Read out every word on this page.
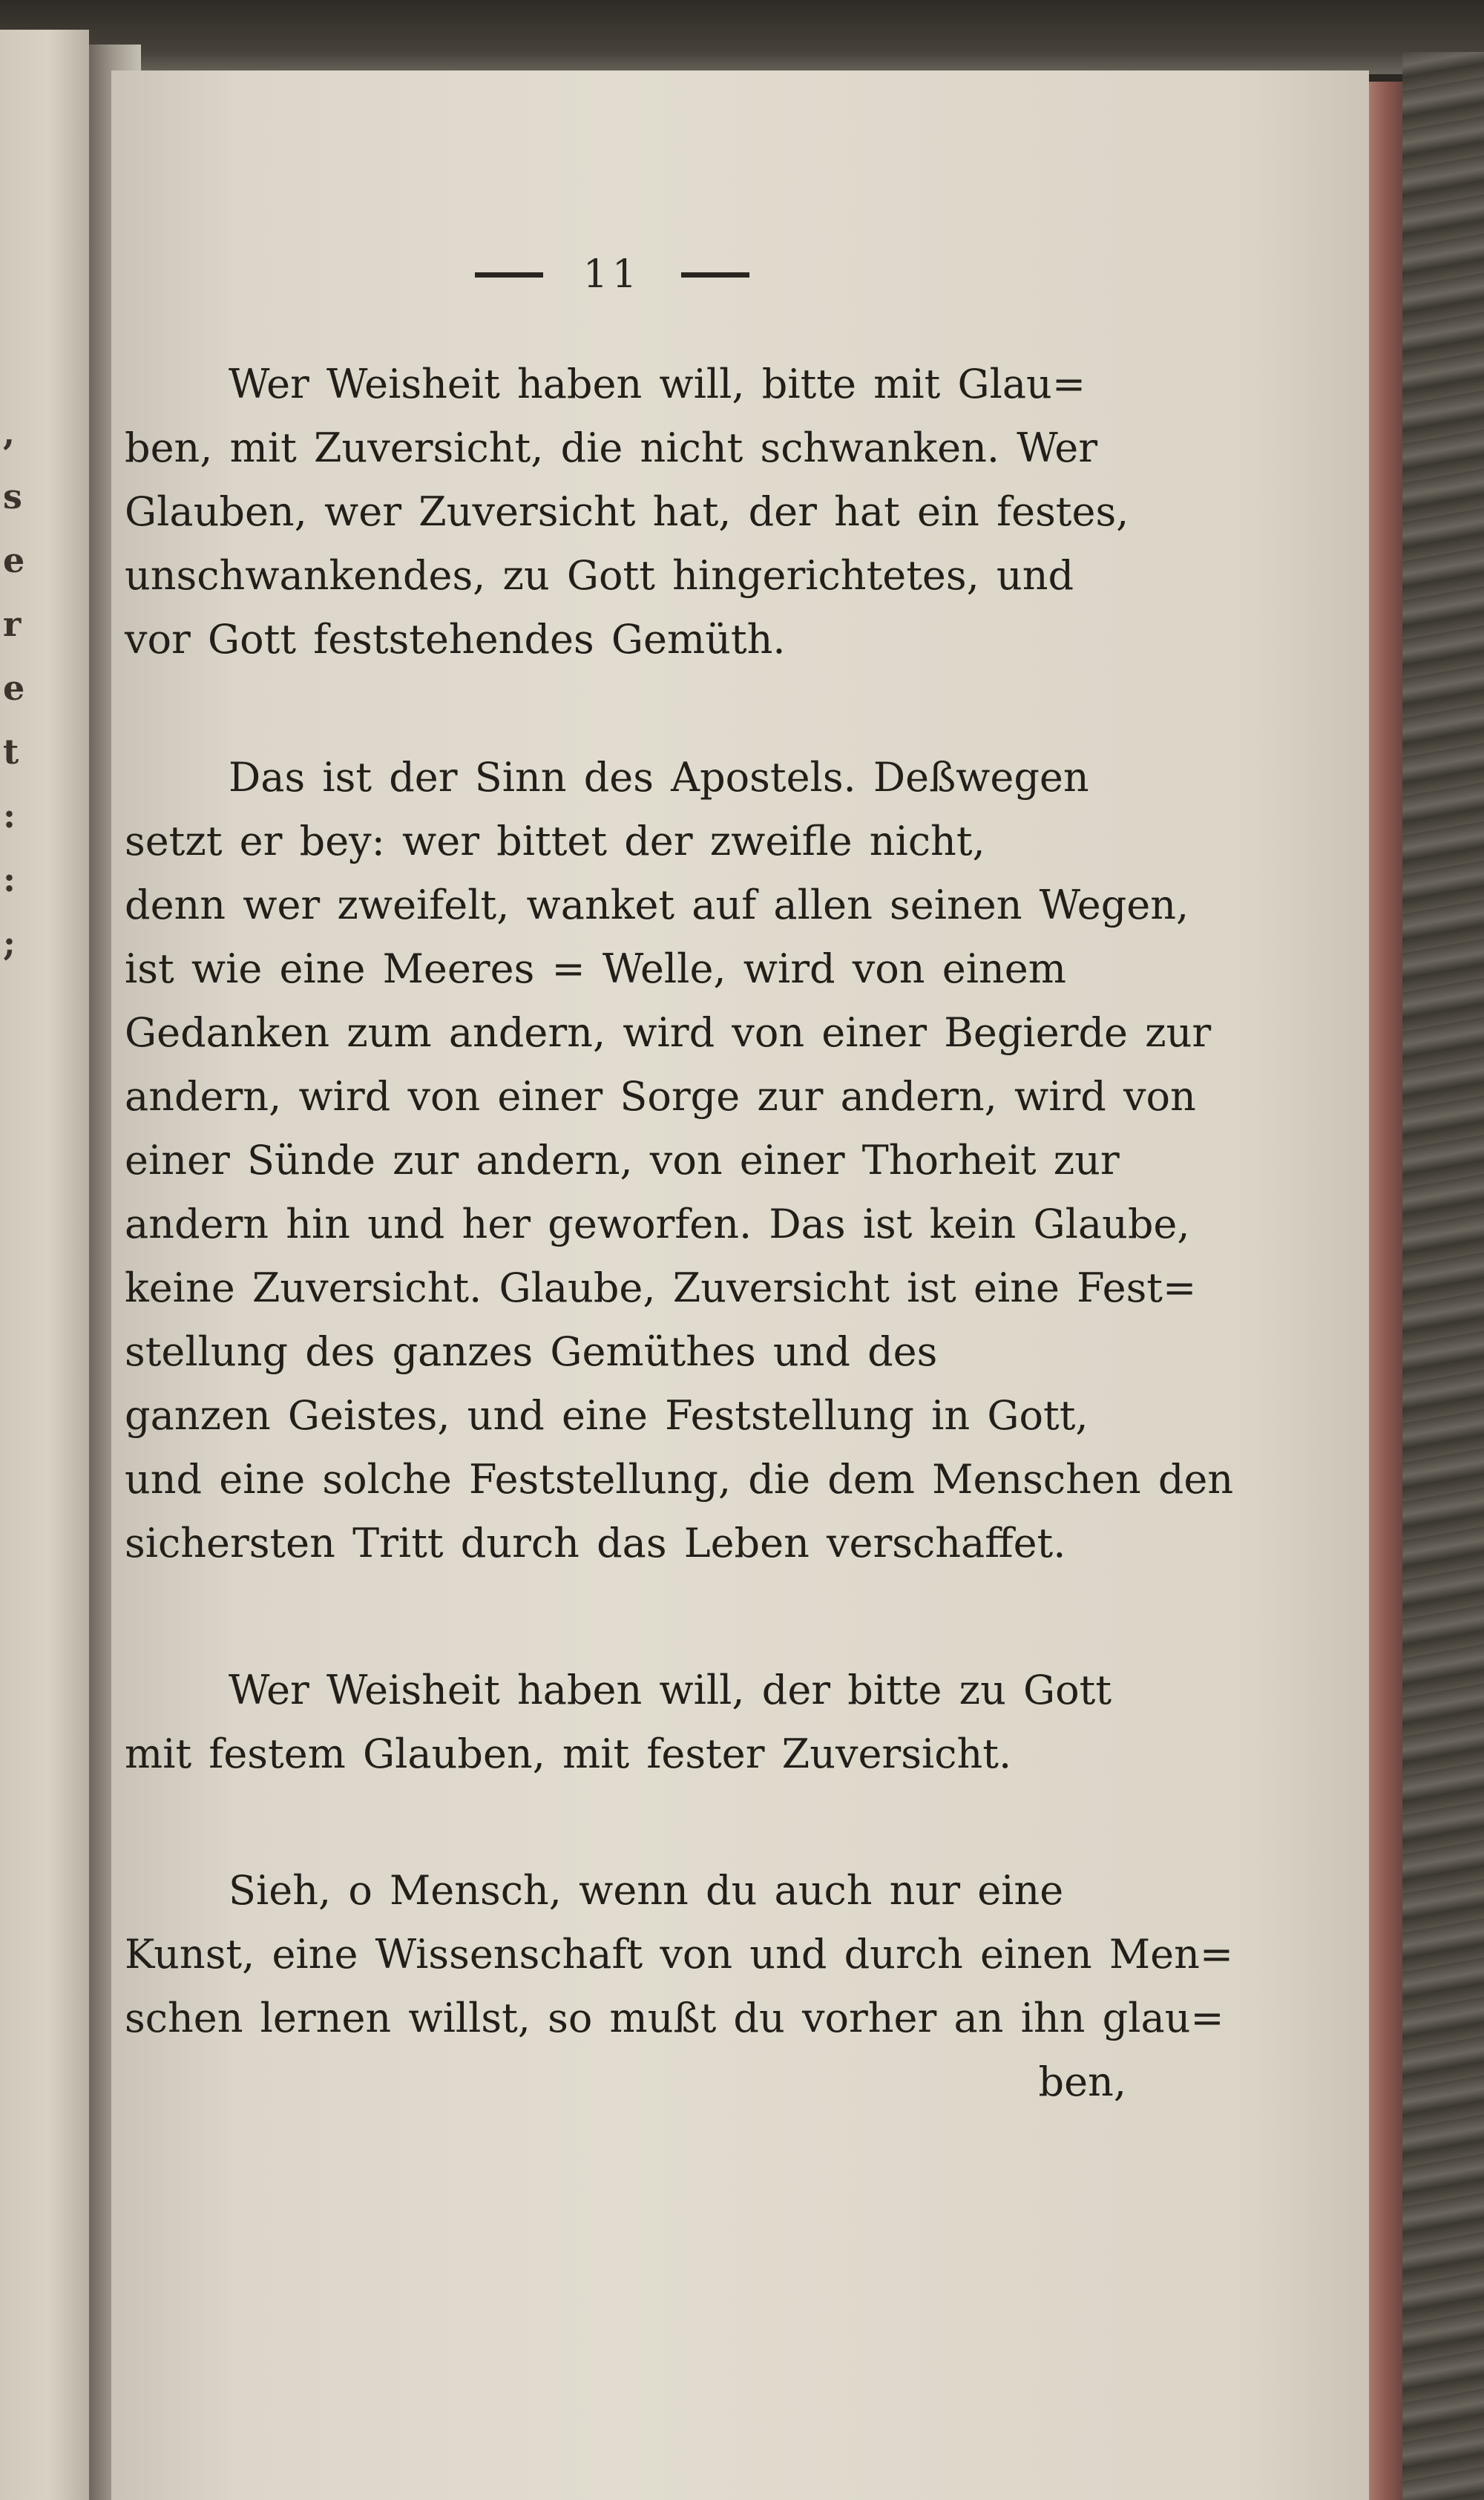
,
s
e
r
e
t
:
:
;
11
Wer Weisheit haben will, bitte mit Glau=
ben, mit Zuversicht, die nicht schwanken. Wer
Glauben, wer Zuversicht hat, der hat ein festes,
unschwankendes, zu Gott hingerichtetes, und
vor Gott feststehendes Gemüth.
Das ist der Sinn des Apostels. Deßwegen
setzt er bey: wer bittet der zweifle nicht,
denn wer zweifelt, wanket auf allen seinen Wegen,
ist wie eine Meeres = Welle, wird von einem
Gedanken zum andern, wird von einer Begierde zur
andern, wird von einer Sorge zur andern, wird von
einer Sünde zur andern, von einer Thorheit zur
andern hin und her geworfen. Das ist kein Glaube,
keine Zuversicht. Glaube, Zuversicht ist eine Fest=
stellung des ganzes Gemüthes und des
ganzen Geistes, und eine Feststellung in Gott,
und eine solche Feststellung, die dem Menschen den
sichersten Tritt durch das Leben verschaffet.
Wer Weisheit haben will, der bitte zu Gott
mit festem Glauben, mit fester Zuversicht.
Sieh, o Mensch, wenn du auch nur eine
Kunst, eine Wissenschaft von und durch einen Men=
schen lernen willst, so mußt du vorher an ihn glau=
ben,
